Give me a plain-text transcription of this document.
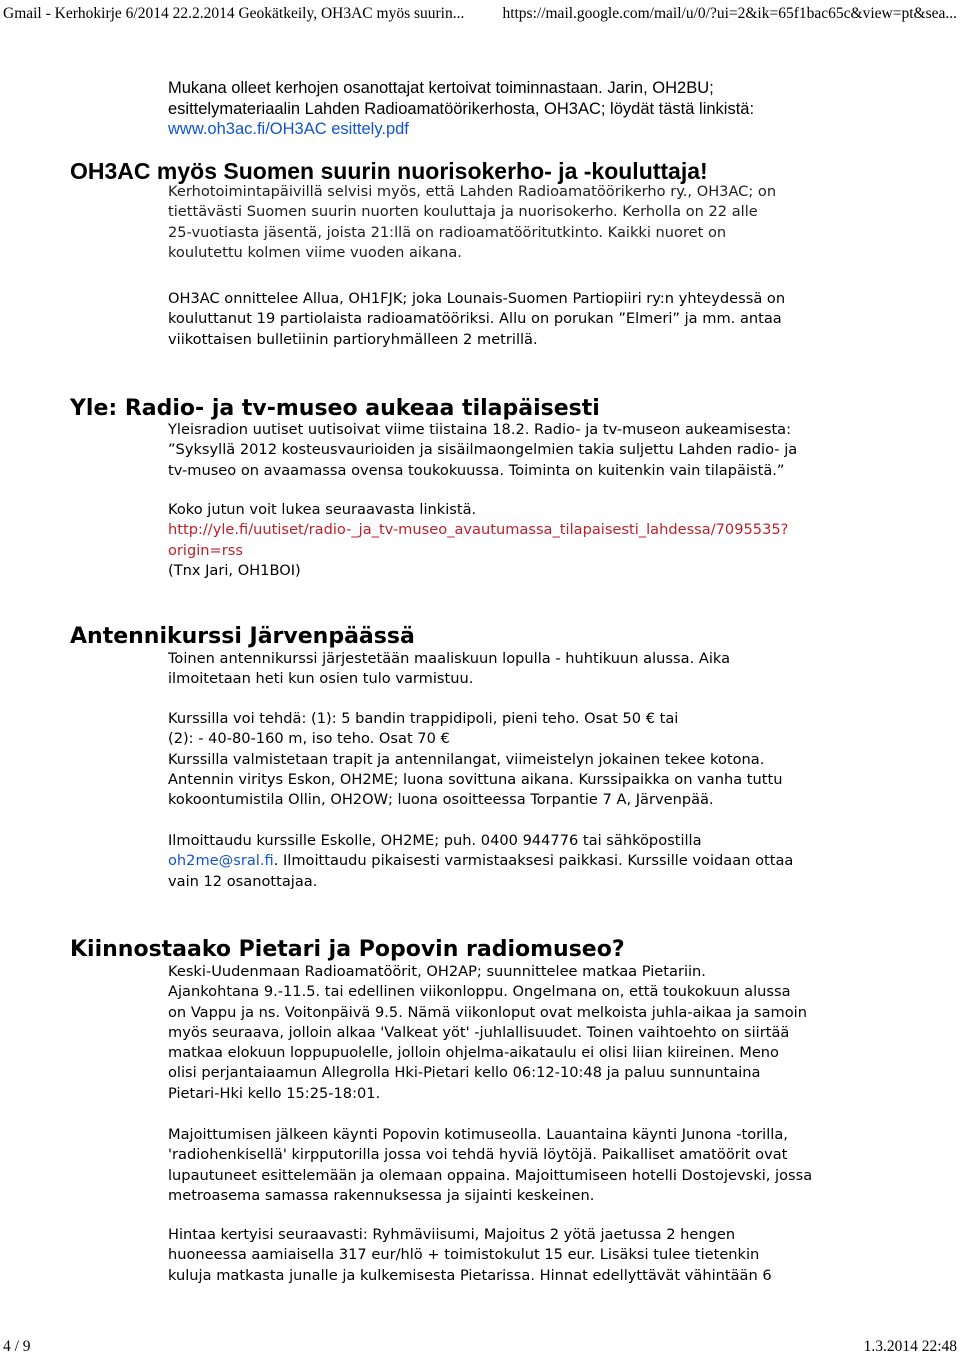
Gmail - Kerhokirje 6/2014 22.2.2014 Geokätkeily, OH3AC myös suurin... https://mail.google.com/mail/u/0/?ui=2&ik=65f1bac65c&view=pt&sea...
Mukana olleet kerhojen osanottajat kertoivat toiminnastaan. Jarin, OH2BU;
esittelymateriaalin Lahden Radioamatöörikerhosta, OH3AC; löydät tästä linkistä:
www.oh3ac.fi/OH3AC esittely.pdf
OH3AC myös Suomen suurin nuorisokerho- ja -kouluttaja!
Kerhotoimintapäivillä selvisi myös, että Lahden Radioamatöörikerho ry., OH3AC; on
tiettävästi Suomen suurin nuorten kouluttaja ja nuorisokerho. Kerholla on 22 alle
25-vuotiasta jäsentä, joista 21:llä on radioamatööritutkinto. Kaikki nuoret on
koulutettu kolmen viime vuoden aikana.
OH3AC onnittelee Allua, OH1FJK; joka Lounais-Suomen Partiopiiri ry:n yhteydessä on
kouluttanut 19 partiolaista radioamatööriksi. Allu on porukan ”Elmeri” ja mm. antaa
viikottaisen bulletiinin partioryhmälleen 2 metrillä.
Yle: Radio- ja tv-museo aukeaa tilapäisesti
Yleisradion uutiset uutisoivat viime tiistaina 18.2. Radio- ja tv-museon aukeamisesta:
”Syksyllä 2012 kosteusvaurioiden ja sisäilmaongelmien takia suljettu Lahden radio- ja
tv-museo on avaamassa ovensa toukokuussa. Toiminta on kuitenkin vain tilapäistä.”
Koko jutun voit lukea seuraavasta linkistä.
http://yle.fi/uutiset/radio-_ja_tv-museo_avautumassa_tilapaisesti_lahdessa/7095535?
origin=rss
(Tnx Jari, OH1BOI)
Antennikurssi Järvenpäässä
Toinen antennikurssi järjestetään maaliskuun lopulla - huhtikuun alussa. Aika
ilmoitetaan heti kun osien tulo varmistuu.
Kurssilla voi tehdä: (1): 5 bandin trappidipoli, pieni teho. Osat 50 € tai
(2): - 40-80-160 m, iso teho. Osat 70 €
Kurssilla valmistetaan trapit ja antennilangat, viimeistelyn jokainen tekee kotona.
Antennin viritys Eskon, OH2ME; luona sovittuna aikana. Kurssipaikka on vanha tuttu
kokoontumistila Ollin, OH2OW; luona osoitteessa Torpantie 7 A, Järvenpää.
Ilmoittaudu kurssille Eskolle, OH2ME; puh. 0400 944776 tai sähköpostilla
oh2me@sral.fi. Ilmoittaudu pikaisesti varmistaaksesi paikkasi. Kurssille voidaan ottaa
vain 12 osanottajaa.
Kiinnostaako Pietari ja Popovin radiomuseo?
Keski-Uudenmaan Radioamatöörit, OH2AP; suunnittelee matkaa Pietariin.
Ajankohtana 9.-11.5. tai edellinen viikonloppu. Ongelmana on, että toukokuun alussa
on Vappu ja ns. Voitonpäivä 9.5. Nämä viikonloput ovat melkoista juhla-aikaa ja samoin
myös seuraava, jolloin alkaa 'Valkeat yöt' -juhlallisuudet. Toinen vaihtoehto on siirtää
matkaa elokuun loppupuolelle, jolloin ohjelma-aikataulu ei olisi liian kiireinen. Meno
olisi perjantaiaamun Allegrolla Hki-Pietari kello 06:12-10:48 ja paluu sunnuntaina
Pietari-Hki kello 15:25-18:01.
Majoittumisen jälkeen käynti Popovin kotimuseolla. Lauantaina käynti Junona -torilla,
'radiohenkisellä' kirpputorilla jossa voi tehdä hyviä löytöjä. Paikalliset amatöörit ovat
lupautuneet esittelemään ja olemaan oppaina. Majoittumiseen hotelli Dostojevski, jossa
metroasema samassa rakennuksessa ja sijainti keskeinen.
Hintaa kertyisi seuraavasti: Ryhmäviisumi, Majoitus 2 yötä jaetussa 2 hengen
huoneessa aamiaisella 317 eur/hlö + toimistokulut 15 eur. Lisäksi tulee tietenkin
kuluja matkasta junalle ja kulkemisesta Pietarissa. Hinnat edellyttävät vähintään 6
4 / 9	1.3.2014 22:48
